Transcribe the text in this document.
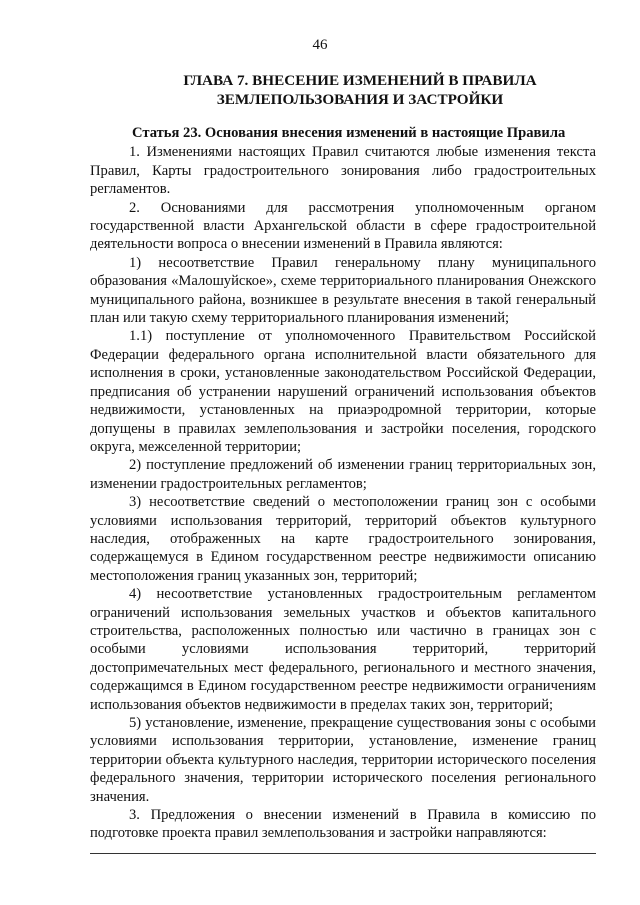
46
ГЛАВА 7. ВНЕСЕНИЕ ИЗМЕНЕНИЙ В ПРАВИЛА
ЗЕМЛЕПОЛЬЗОВАНИЯ И ЗАСТРОЙКИ

Статья 23. Основания внесения изменений в настоящие Правила

1. Изменениями настоящих Правил считаются любые изменения текста Правил, Карты градостроительного зонирования либо градостроительных регламентов.

2. Основаниями для рассмотрения уполномоченным органом государственной власти Архангельской области в сфере градостроительной деятельности вопроса о внесении изменений в Правила являются:

1) несоответствие Правил генеральному плану муниципального образования «Малошуйское», схеме территориального планирования Онежского муниципального района, возникшее в результате внесения в такой генеральный план или такую схему территориального планирования изменений;

1.1) поступление от уполномоченного Правительством Российской Федерации федерального органа исполнительной власти обязательного для исполнения в сроки, установленные законодательством Российской Федерации, предписания об устранении нарушений ограничений использования объектов недвижимости, установленных на приаэродромной территории, которые допущены в правилах землепользования и застройки поселения, городского округа, межселенной территории;

2) поступление предложений об изменении границ территориальных зон, изменении градостроительных регламентов;

3) несоответствие сведений о местоположении границ зон с особыми условиями использования территорий, территорий объектов культурного наследия, отображенных на карте градостроительного зонирования, содержащемуся в Едином государственном реестре недвижимости описанию местоположения границ указанных зон, территорий;

4) несоответствие установленных градостроительным регламентом ограничений использования земельных участков и объектов капитального строительства, расположенных полностью или частично в границах зон с особыми условиями использования территорий, территорий достопримечательных мест федерального, регионального и местного значения, содержащимся в Едином государственном реестре недвижимости ограничениям использования объектов недвижимости в пределах таких зон, территорий;

5) установление, изменение, прекращение существования зоны с особыми условиями использования территории, установление, изменение границ территории объекта культурного наследия, территории исторического поселения федерального значения, территории исторического поселения регионального значения.

3. Предложения о внесении изменений в Правила в комиссию по подготовке проекта правил землепользования и застройки направляются:
